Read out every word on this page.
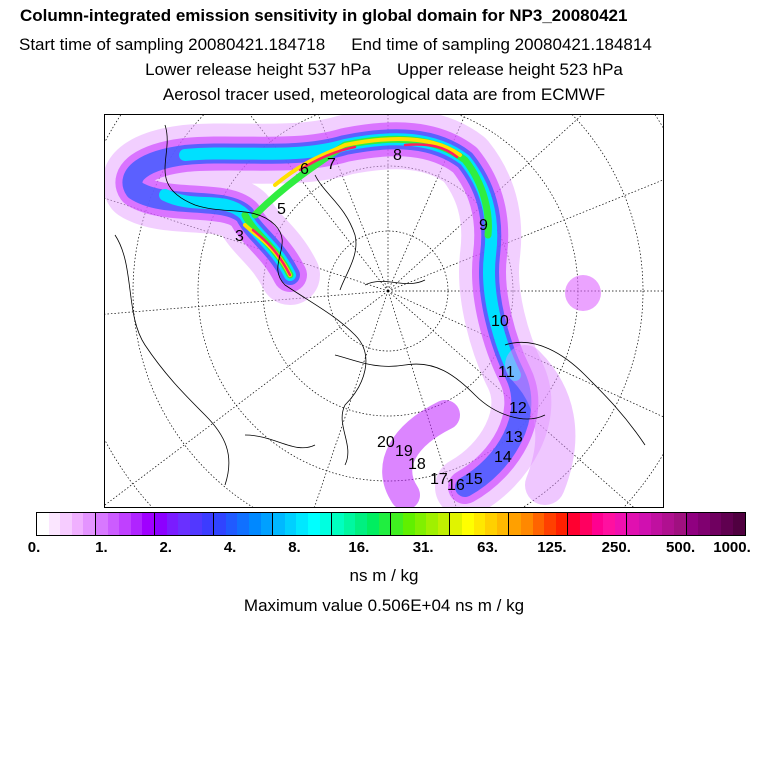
Column-integrated emission sensitivity in global domain for NP3_20080421
Start time of sampling 20080421.184718 End time of sampling 20080421.184814
Lower release height 537 hPa Upper release height 523 hPa
Aerosol tracer used, meteorological data are from ECMWF
3
5
6 7
8
9
10
11
12
13
14
15
16
17
18
19
20
0.	1.	2.	4.	8.	16.	31.	63.	125. 250. 500. 1000.
ns m / kg
Maximum value 0.506E+04 ns m / kg
